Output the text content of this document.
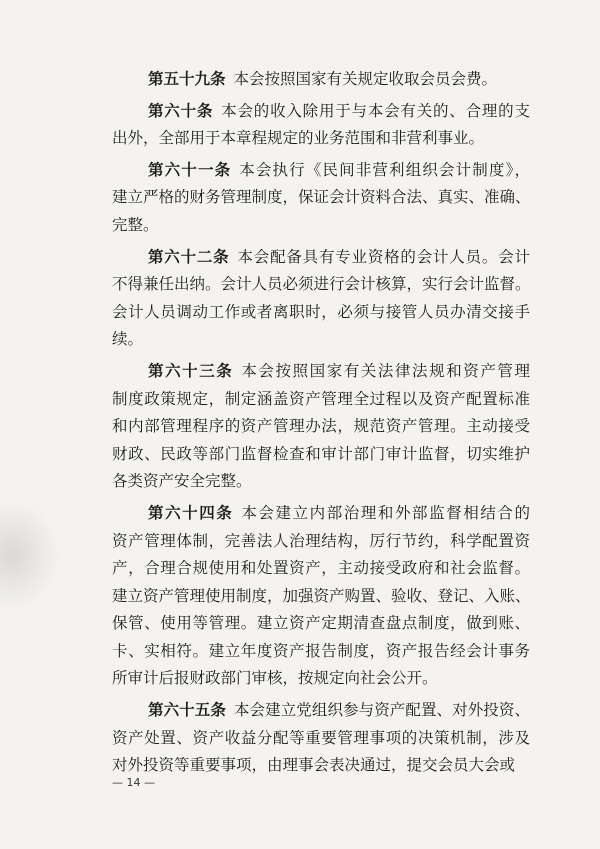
第五十九条 本会按照国家有关规定收取会员会费。
第六十条 本会的收入除用于与本会有关的、合理的支
出外，全部用于本章程规定的业务范围和非营利事业。
第六十一条 本会执行《民间非营利组织会计制度》，
建立严格的财务管理制度，保证会计资料合法、真实、准确、
完整。
第六十二条 本会配备具有专业资格的会计人员。会计
不得兼任出纳。会计人员必须进行会计核算，实行会计监督。
会计人员调动工作或者离职时，必须与接管人员办清交接手
续。
第六十三条 本会按照国家有关法律法规和资产管理
制度政策规定，制定涵盖资产管理全过程以及资产配置标准
和内部管理程序的资产管理办法，规范资产管理。主动接受
财政、民政等部门监督检查和审计部门审计监督，切实维护
各类资产安全完整。
第六十四条 本会建立内部治理和外部监督相结合的
资产管理体制，完善法人治理结构，厉行节约，科学配置资
产，合理合规使用和处置资产，主动接受政府和社会监督。
建立资产管理使用制度，加强资产购置、验收、登记、入账、
保管、使用等管理。建立资产定期清查盘点制度，做到账、
卡、实相符。建立年度资产报告制度，资产报告经会计事务
所审计后报财政部门审核，按规定向社会公开。
第六十五条 本会建立党组织参与资产配置、对外投资、
资产处置、资产收益分配等重要管理事项的决策机制，涉及
对外投资等重要事项，由理事会表决通过，提交会员大会或
— 14 —
